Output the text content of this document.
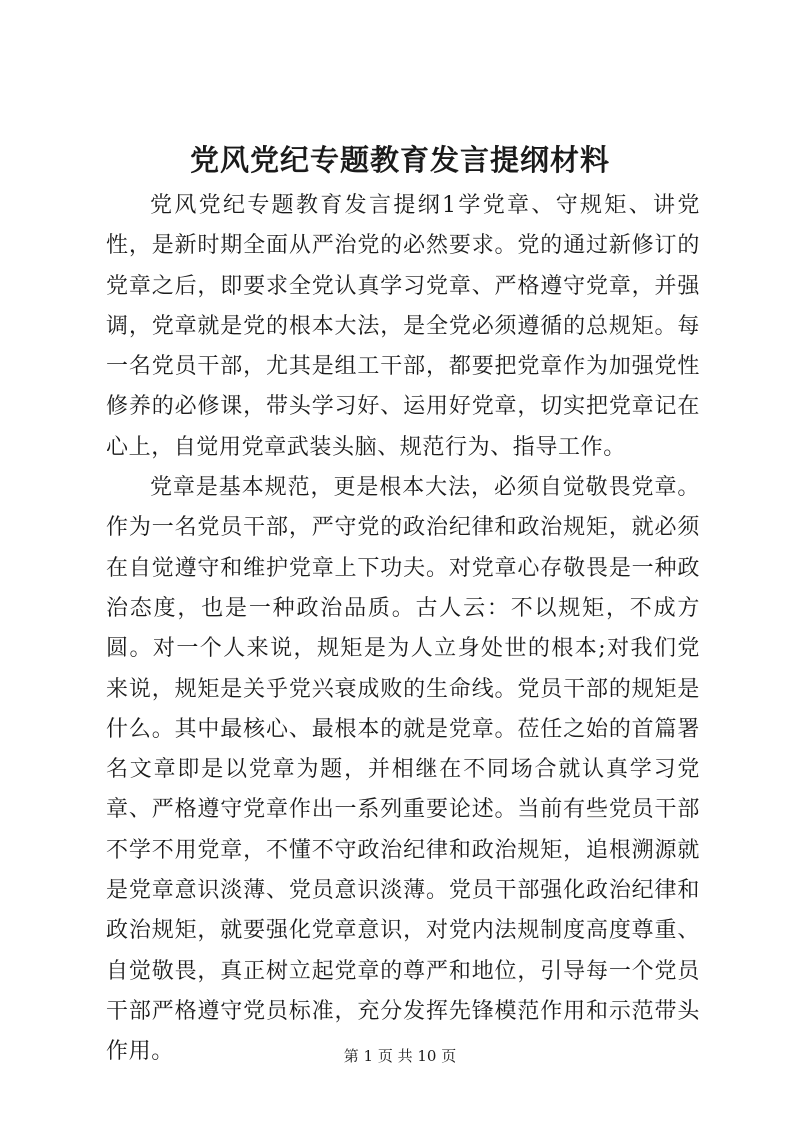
党风党纪专题教育发言提纲材料

党风党纪专题教育发言提纲1学党章、守规矩、讲党性，是新时期全面从严治党的必然要求。党的通过新修订的党章之后，即要求全党认真学习党章、严格遵守党章，并强调，党章就是党的根本大法，是全党必须遵循的总规矩。每一名党员干部，尤其是组工干部，都要把党章作为加强党性修养的必修课，带头学习好、运用好党章，切实把党章记在心上，自觉用党章武装头脑、规范行为、指导工作。

党章是基本规范，更是根本大法，必须自觉敬畏党章。作为一名党员干部，严守党的政治纪律和政治规矩，就必须在自觉遵守和维护党章上下功夫。对党章心存敬畏是一种政治态度，也是一种政治品质。古人云：不以规矩，不成方圆。对一个人来说，规矩是为人立身处世的根本;对我们党来说，规矩是关乎党兴衰成败的生命线。党员干部的规矩是什么。其中最核心、最根本的就是党章。莅任之始的首篇署名文章即是以党章为题，并相继在不同场合就认真学习党章、严格遵守党章作出一系列重要论述。当前有些党员干部不学不用党章，不懂不守政治纪律和政治规矩，追根溯源就是党章意识淡薄、党员意识淡薄。党员干部强化政治纪律和政治规矩，就要强化党章意识，对党内法规制度高度尊重、自觉敬畏，真正树立起党章的尊严和地位，引导每一个党员干部严格遵守党员标准，充分发挥先锋模范作用和示范带头作用。	第 1 页 共 10 页
